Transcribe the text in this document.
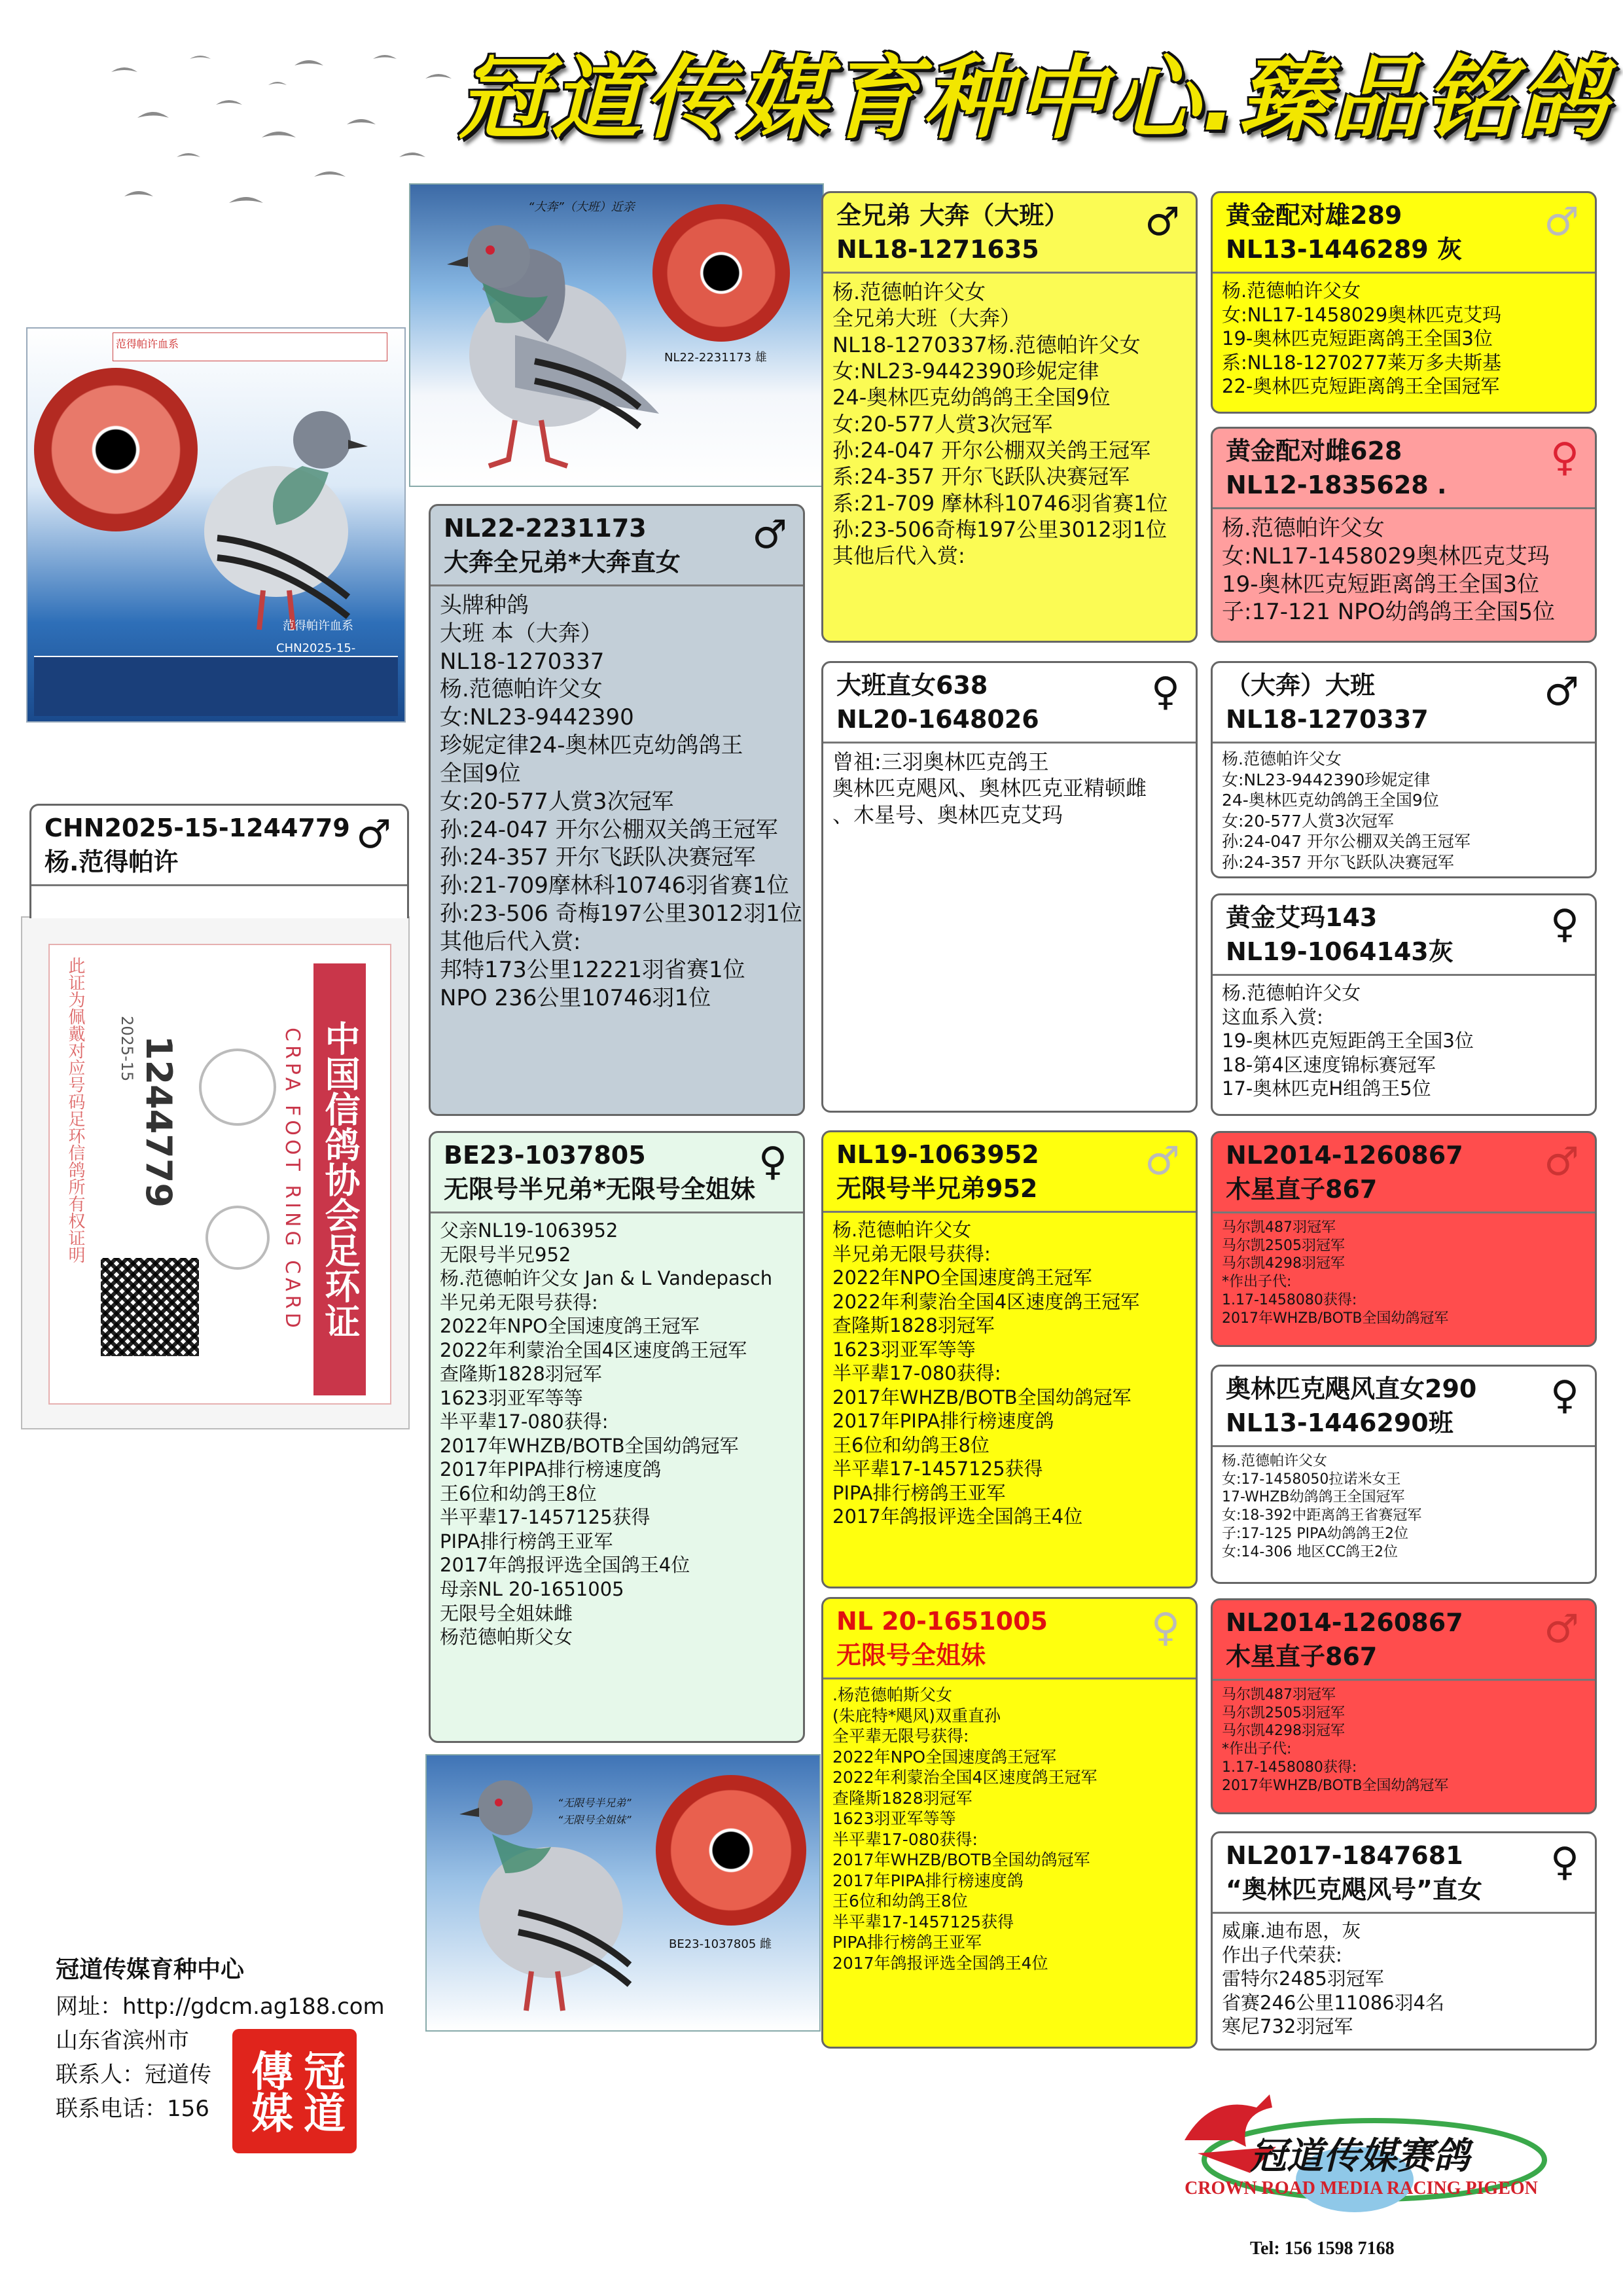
冠道传媒育种中心.臻品铭鸽
“大奔”（大班）近亲
NL22-2231173 雄
范得帕许血系
范得帕许血系
CHN2025-15-
中国信鸽协会足环证
CRPA FOOT RING CARD
1244779
2025-15
此证为佩戴对应号码足环信鸽所有权证明
“无限号半兄弟”
“无限号全姐妹”
BE23-1037805 雌
CHN2025-15-1244779
杨.范得帕许
♂
NL22-2231173
大奔全兄弟*大奔直女
♂
头牌种鸽
大班 本（大奔）
NL18-1270337
杨.范德帕许父女
女:NL23-9442390
珍妮定律24-奥林匹克幼鸽鸽王
全国9位
女:20-577人赏3次冠军
孙:24-047 开尔公棚双关鸽王冠军
孙:24-357 开尔飞跃队决赛冠军
孙:21-709摩林科10746羽省赛1位
孙:23-506 奇梅197公里3012羽1位
其他后代入赏:
邦特173公里12221羽省赛1位
NPO 236公里10746羽1位
BE23-1037805
无限号半兄弟*无限号全姐妹
♀
父亲NL19-1063952
无限号半兄952
杨.范德帕许父女 Jan & L Vandepasch
半兄弟无限号获得:
2022年NPO全国速度鸽王冠军
2022年利蒙治全国4区速度鸽王冠军
查隆斯1828羽冠军
1623羽亚军等等
半平辈17-080获得:
2017年WHZB/BOTB全国幼鸽冠军
2017年PIPA排行榜速度鸽
王6位和幼鸽王8位
半平辈17-1457125获得
PIPA排行榜鸽王亚军
2017年鸽报评选全国鸽王4位
母亲NL 20-1651005
无限号全姐妹雌
杨范德帕斯父女
全兄弟 大奔（大班）
NL18-1271635
♂
杨.范德帕许父女
全兄弟大班（大奔）
NL18-1270337杨.范德帕许父女
女:NL23-9442390珍妮定律
24-奥林匹克幼鸽鸽王全国9位
女:20-577人赏3次冠军
孙:24-047 开尔公棚双关鸽王冠军
系:24-357 开尔飞跃队决赛冠军
系:21-709 摩林科10746羽省赛1位
孙:23-506奇梅197公里3012羽1位
其他后代入赏:
大班直女638
NL20-1648026
♀
曾祖:三羽奥林匹克鸽王
奥林匹克飓风、奥林匹克亚精顿雌
、木星号、奥林匹克艾玛
NL19-1063952
无限号半兄弟952
♂
杨.范德帕许父女
半兄弟无限号获得:
2022年NPO全国速度鸽王冠军
2022年利蒙治全国4区速度鸽王冠军
查隆斯1828羽冠军
1623羽亚军等等
半平辈17-080获得:
2017年WHZB/BOTB全国幼鸽冠军
2017年PIPA排行榜速度鸽
王6位和幼鸽王8位
半平辈17-1457125获得
PIPA排行榜鸽王亚军
2017年鸽报评选全国鸽王4位
NL 20-1651005
无限号全姐妹
♀
.杨范德帕斯父女
(朱庇特*飓风)双重直孙
全平辈无限号获得:
2022年NPO全国速度鸽王冠军
2022年利蒙治全国4区速度鸽王冠军
查隆斯1828羽冠军
1623羽亚军等等
半平辈17-080获得:
2017年WHZB/BOTB全国幼鸽冠军
2017年PIPA排行榜速度鸽
王6位和幼鸽王8位
半平辈17-1457125获得
PIPA排行榜鸽王亚军
2017年鸽报评选全国鸽王4位
黄金配对雄289
NL13-1446289 灰
♂
杨.范德帕许父女
女:NL17-1458029奥林匹克艾玛
19-奥林匹克短距离鸽王全国3位
系:NL18-1270277莱万多夫斯基
22-奥林匹克短距离鸽王全国冠军
黄金配对雌628
NL12-1835628 .
♀
杨.范德帕许父女
女:NL17-1458029奥林匹克艾玛
19-奥林匹克短距离鸽王全国3位
子:17-121 NPO幼鸽鸽王全国5位
（大奔）大班
NL18-1270337
♂
杨.范德帕许父女
女:NL23-9442390珍妮定律
24-奥林匹克幼鸽鸽王全国9位
女:20-577人赏3次冠军
孙:24-047 开尔公棚双关鸽王冠军
孙:24-357 开尔飞跃队决赛冠军
黄金艾玛143
NL19-1064143灰
♀
杨.范德帕许父女
这血系入赏:
19-奥林匹克短距鸽王全国3位
18-第4区速度锦标赛冠军
17-奥林匹克H组鸽王5位
NL2014-1260867
木星直子867
♂
马尔凯487羽冠军
马尔凯2505羽冠军
马尔凯4298羽冠军
*作出子代:
1.17-1458080获得:
2017年WHZB/BOTB全国幼鸽冠军
奥林匹克飓风直女290
NL13-1446290班
♀
杨.范德帕许父女
女:17-1458050拉诺米女王
17-WHZB幼鸽鸽王全国冠军
女:18-392中距离鸽王省赛冠军
子:17-125 PIPA幼鸽鸽王2位
女:14-306 地区CC鸽王2位
NL2014-1260867
木星直子867
♂
马尔凯487羽冠军
马尔凯2505羽冠军
马尔凯4298羽冠军
*作出子代:
1.17-1458080获得:
2017年WHZB/BOTB全国幼鸽冠军
NL2017-1847681
“奥林匹克飓风号”直女
♀
威廉.迪布恩，灰
作出子代荣获:
雷特尔2485羽冠军
省赛246公里11086羽4名
寒尼732羽冠军
冠道传媒育种中心
网址：http://gdcm.ag188.com
山东省滨州市
联系人：冠道传
联系电话：156	冠道傳媒
冠道传媒赛鸽
CROWN ROAD MEDIA RACING PIGEON
Tel: 156 1598 7168
